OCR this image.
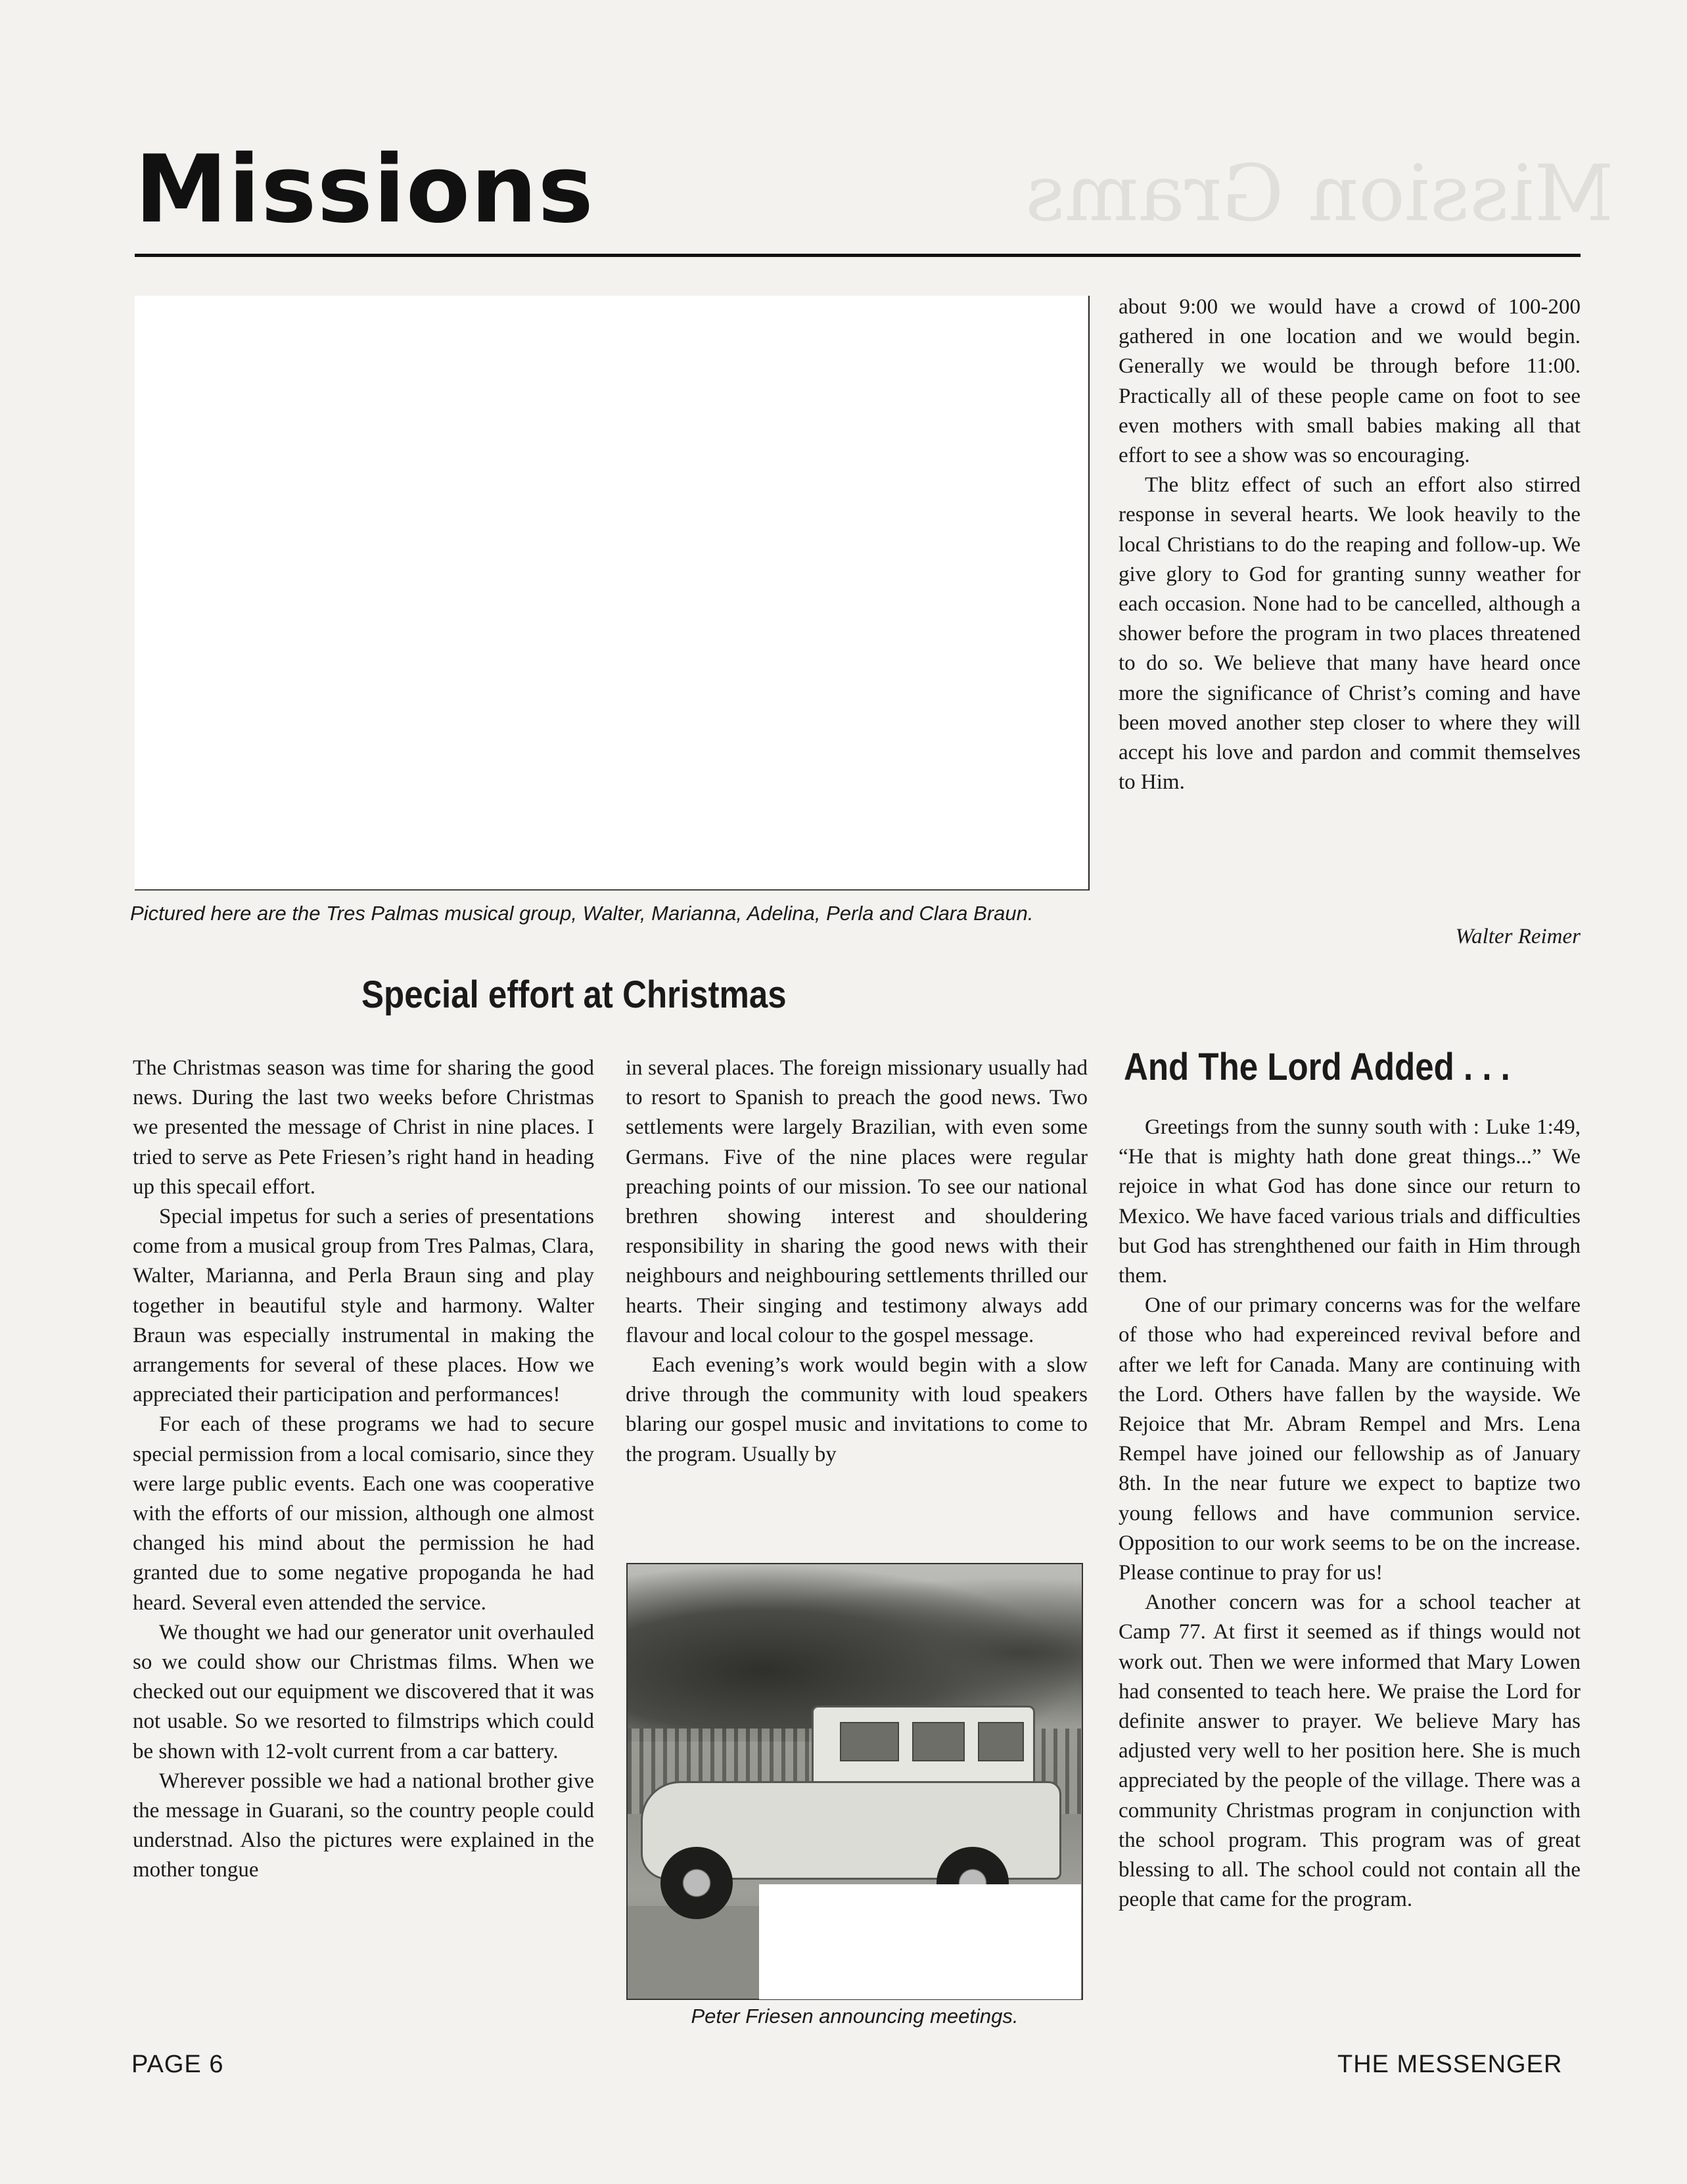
Mission Grams
Missions

Pictured here are the Tres Palmas musical group, Walter, Marianna, Adelina, Perla and Clara Braun.

Special effort at Christmas

The Christmas season was time for sharing the good news. During the last two weeks before Christmas we presented the message of Christ in nine places. I tried to serve as Pete Friesen’s right hand in heading up this specail effort.

Special impetus for such a series of presentations come from a musical group from Tres Palmas, Clara, Walter, Marianna, and Perla Braun sing and play together in beautiful style and harmony. Walter Braun was especially instrumental in making the arrangements for several of these places. How we appreciated their participation and performances!

For each of these programs we had to secure special permission from a local comisario, since they were large public events. Each one was cooperative with the efforts of our mission, although one almost changed his mind about the permission he had granted due to some negative propoganda he had heard. Several even attended the service.

We thought we had our generator unit overhauled so we could show our Christmas films. When we checked out our equipment we discovered that it was not usable. So we resorted to filmstrips which could be shown with 12-volt current from a car battery.

Wherever possible we had a national brother give the message in Guarani, so the country people could understnad. Also the pictures were explained in the mother tongue

in several places. The foreign missionary usually had to resort to Spanish to preach the good news. Two settlements were largely Brazilian, with even some Germans. Five of the nine places were regular preaching points of our mission. To see our national brethren showing interest and shouldering responsibility in sharing the good news with their neighbours and neighbouring settlements thrilled our hearts. Their singing and testimony always add flavour and local colour to the gospel message.

Each evening’s work would begin with a slow drive through the community with loud speakers blaring our gospel music and invitations to come to the program. Usually by

Peter Friesen announcing meetings.

about 9:00 we would have a crowd of 100-200 gathered in one location and we would begin. Generally we would be through before 11:00. Practically all of these people came on foot to see even mothers with small babies making all that effort to see a show was so encouraging.

The blitz effect of such an effort also stirred response in several hearts. We look heavily to the local Christians to do the reaping and follow-up. We give glory to God for granting sunny weather for each occasion. None had to be cancelled, although a shower before the program in two places threatened to do so. We believe that many have heard once more the significance of Christ’s coming and have been moved another step closer to where they will accept his love and pardon and commit themselves to Him.

Walter Reimer

And The Lord Added . . .

Greetings from the sunny south with : Luke 1:49, “He that is mighty hath done great things...” We rejoice in what God has done since our return to Mexico. We have faced various trials and difficulties but God has strenghthened our faith in Him through them.

One of our primary concerns was for the welfare of those who had expereinced revival before and after we left for Canada. Many are continuing with the Lord. Others have fallen by the wayside. We Rejoice that Mr. Abram Rempel and Mrs. Lena Rempel have joined our fellowship as of January 8th. In the near future we expect to baptize two young fellows and have communion service. Opposition to our work seems to be on the increase. Please continue to pray for us!

Another concern was for a school teacher at Camp 77. At first it seemed as if things would not work out. Then we were informed that Mary Lowen had consented to teach here. We praise the Lord for definite answer to prayer. We believe Mary has adjusted very well to her position here. She is much appreciated by the people of the village. There was a community Christmas program in conjunction with the school program. This program was of great blessing to all. The school could not contain all the people that came for the program.

PAGE 6	THE MESSENGER
